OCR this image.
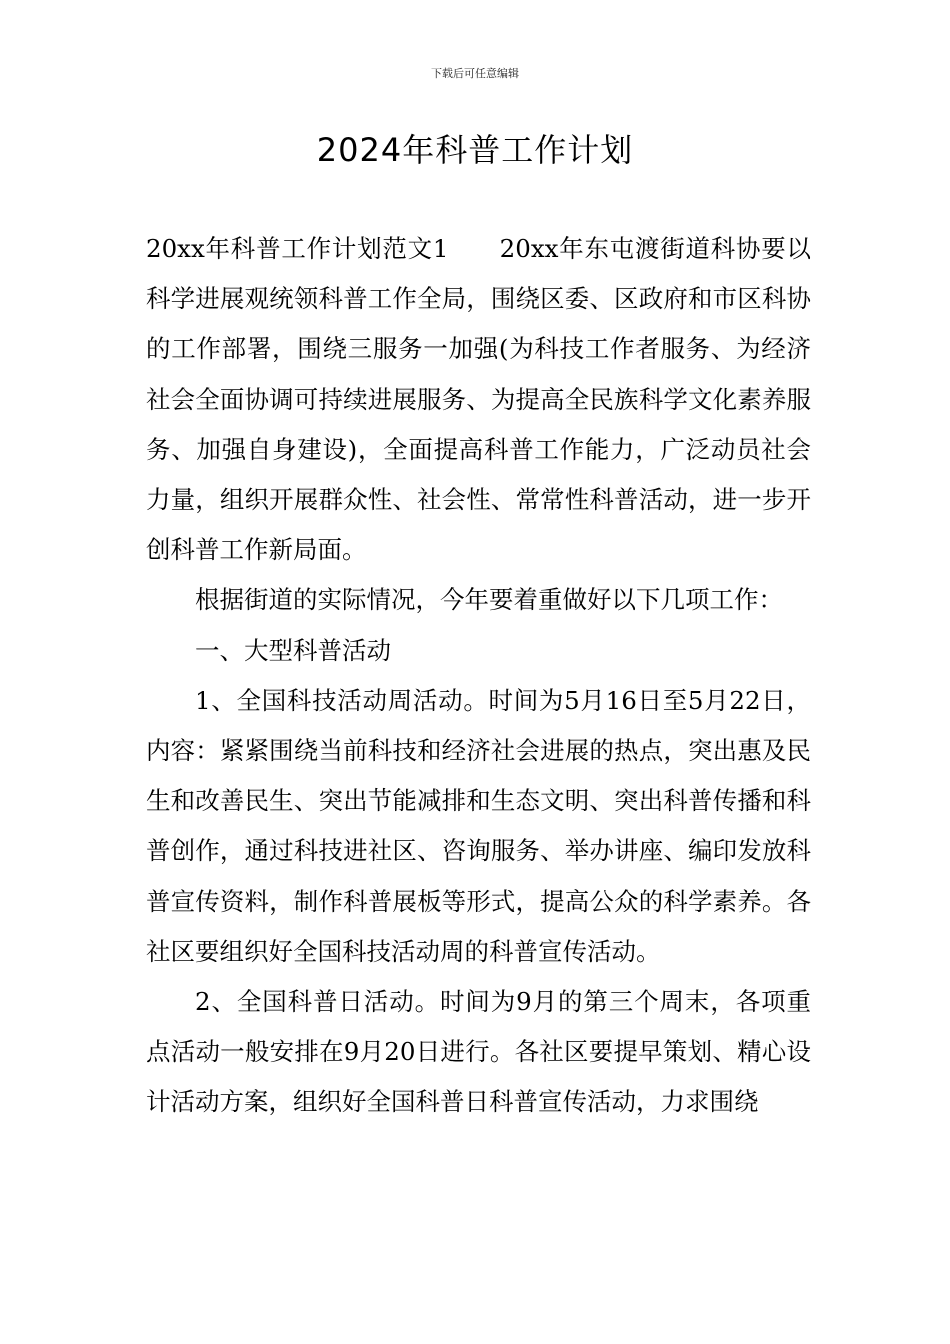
下载后可任意编辑
2024年科普工作计划

20xx年科普工作计划范文1　　20xx年东屯渡街道科协要以科学进展观统领科普工作全局，围绕区委、区政府和市区科协的工作部署，围绕三服务一加强(为科技工作者服务、为经济社会全面协调可持续进展服务、为提高全民族科学文化素养服务、加强自身建设)，全面提高科普工作能力，广泛动员社会力量，组织开展群众性、社会性、常常性科普活动，进一步开创科普工作新局面。

根据街道的实际情况，今年要着重做好以下几项工作：

一、大型科普活动

1、全国科技活动周活动。时间为5月16日至5月22日，内容：紧紧围绕当前科技和经济社会进展的热点，突出惠及民生和改善民生、突出节能减排和生态文明、突出科普传播和科普创作，通过科技进社区、咨询服务、举办讲座、编印发放科普宣传资料，制作科普展板等形式，提高公众的科学素养。各社区要组织好全国科技活动周的科普宣传活动。

2、全国科普日活动。时间为9月的第三个周末，各项重点活动一般安排在9月20日进行。各社区要提早策划、精心设计活动方案，组织好全国科普日科普宣传活动，力求围绕
